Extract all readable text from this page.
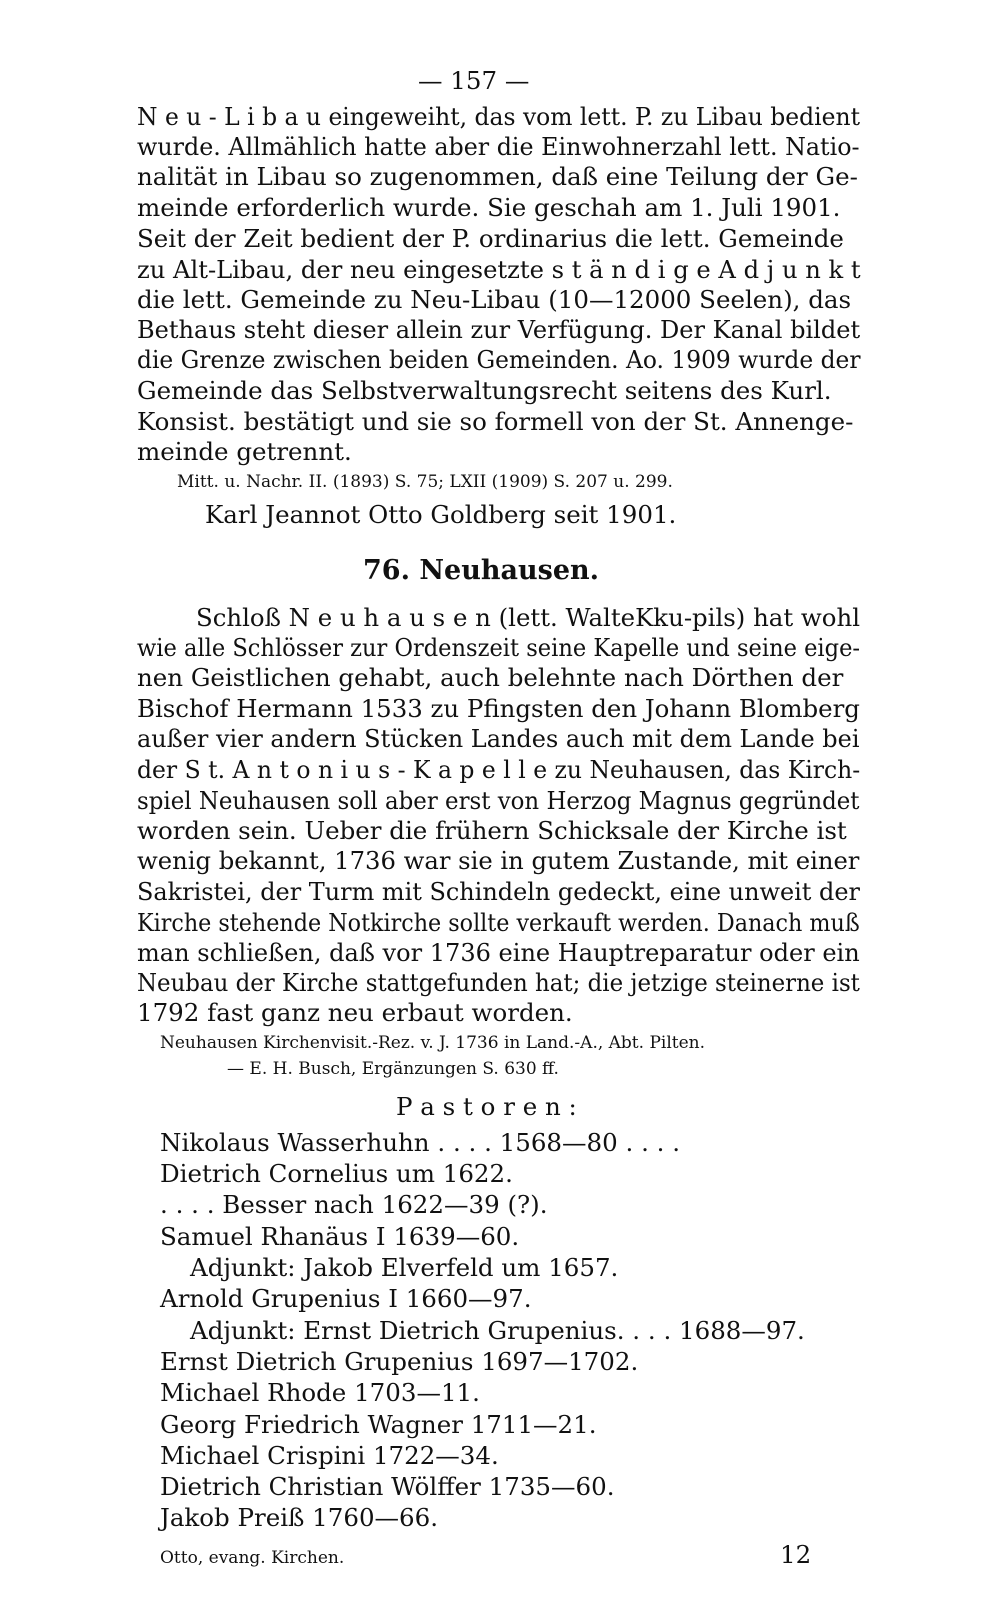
— 157 —
N e u - L i b a u eingeweiht, das vom lett. P. zu Libau bedient
wurde. Allmählich hatte aber die Einwohnerzahl lett. Natio-
nalität in Libau so zugenommen, daß eine Teilung der Ge-
meinde erforderlich wurde. Sie geschah am 1. Juli 1901.
Seit der Zeit bedient der P. ordinarius die lett. Gemeinde
zu Alt-Libau, der neu eingesetzte s t ä n d i g e A d j u n k t
die lett. Gemeinde zu Neu-Libau (10—12000 Seelen), das
Bethaus steht dieser allein zur Verfügung. Der Kanal bildet
die Grenze zwischen beiden Gemeinden. Ao. 1909 wurde der
Gemeinde das Selbstverwaltungsrecht seitens des Kurl.
Konsist. bestätigt und sie so formell von der St. Annenge-
meinde getrennt.
Mitt. u. Nachr. II. (1893) S. 75; LXII (1909) S. 207 u. 299.
Karl Jeannot Otto Goldberg seit 1901.
76. Neuhausen.
Schloß N e u h a u s e n (lett. WalteKku-pils) hat wohl
wie alle Schlösser zur Ordenszeit seine Kapelle und seine eige-
nen Geistlichen gehabt, auch belehnte nach Dörthen der
Bischof Hermann 1533 zu Pfingsten den Johann Blomberg
außer vier andern Stücken Landes auch mit dem Lande bei
der S t. A n t o n i u s - K a p e l l e zu Neuhausen, das Kirch-
spiel Neuhausen soll aber erst von Herzog Magnus gegründet
worden sein. Ueber die frühern Schicksale der Kirche ist
wenig bekannt, 1736 war sie in gutem Zustande, mit einer
Sakristei, der Turm mit Schindeln gedeckt, eine unweit der
Kirche stehende Notkirche sollte verkauft werden. Danach muß
man schließen, daß vor 1736 eine Hauptreparatur oder ein
Neubau der Kirche stattgefunden hat; die jetzige steinerne ist
1792 fast ganz neu erbaut worden.
Neuhausen Kirchenvisit.-Rez. v. J. 1736 in Land.-A., Abt. Pilten.
— E. H. Busch, Ergänzungen S. 630 ff.
P a s t o r e n :
Nikolaus Wasserhuhn . . . . 1568—80 . . . .
Dietrich Cornelius um 1622.
. . . . Besser nach 1622—39 (?).
Samuel Rhanäus I 1639—60.
Adjunkt: Jakob Elverfeld um 1657.
Arnold Grupenius I 1660—97.
Adjunkt: Ernst Dietrich Grupenius. . . . 1688—97.
Ernst Dietrich Grupenius 1697—1702.
Michael Rhode 1703—11.
Georg Friedrich Wagner 1711—21.
Michael Crispini 1722—34.
Dietrich Christian Wölffer 1735—60.
Jakob Preiß 1760—66.
Otto, evang. Kirchen.	12
